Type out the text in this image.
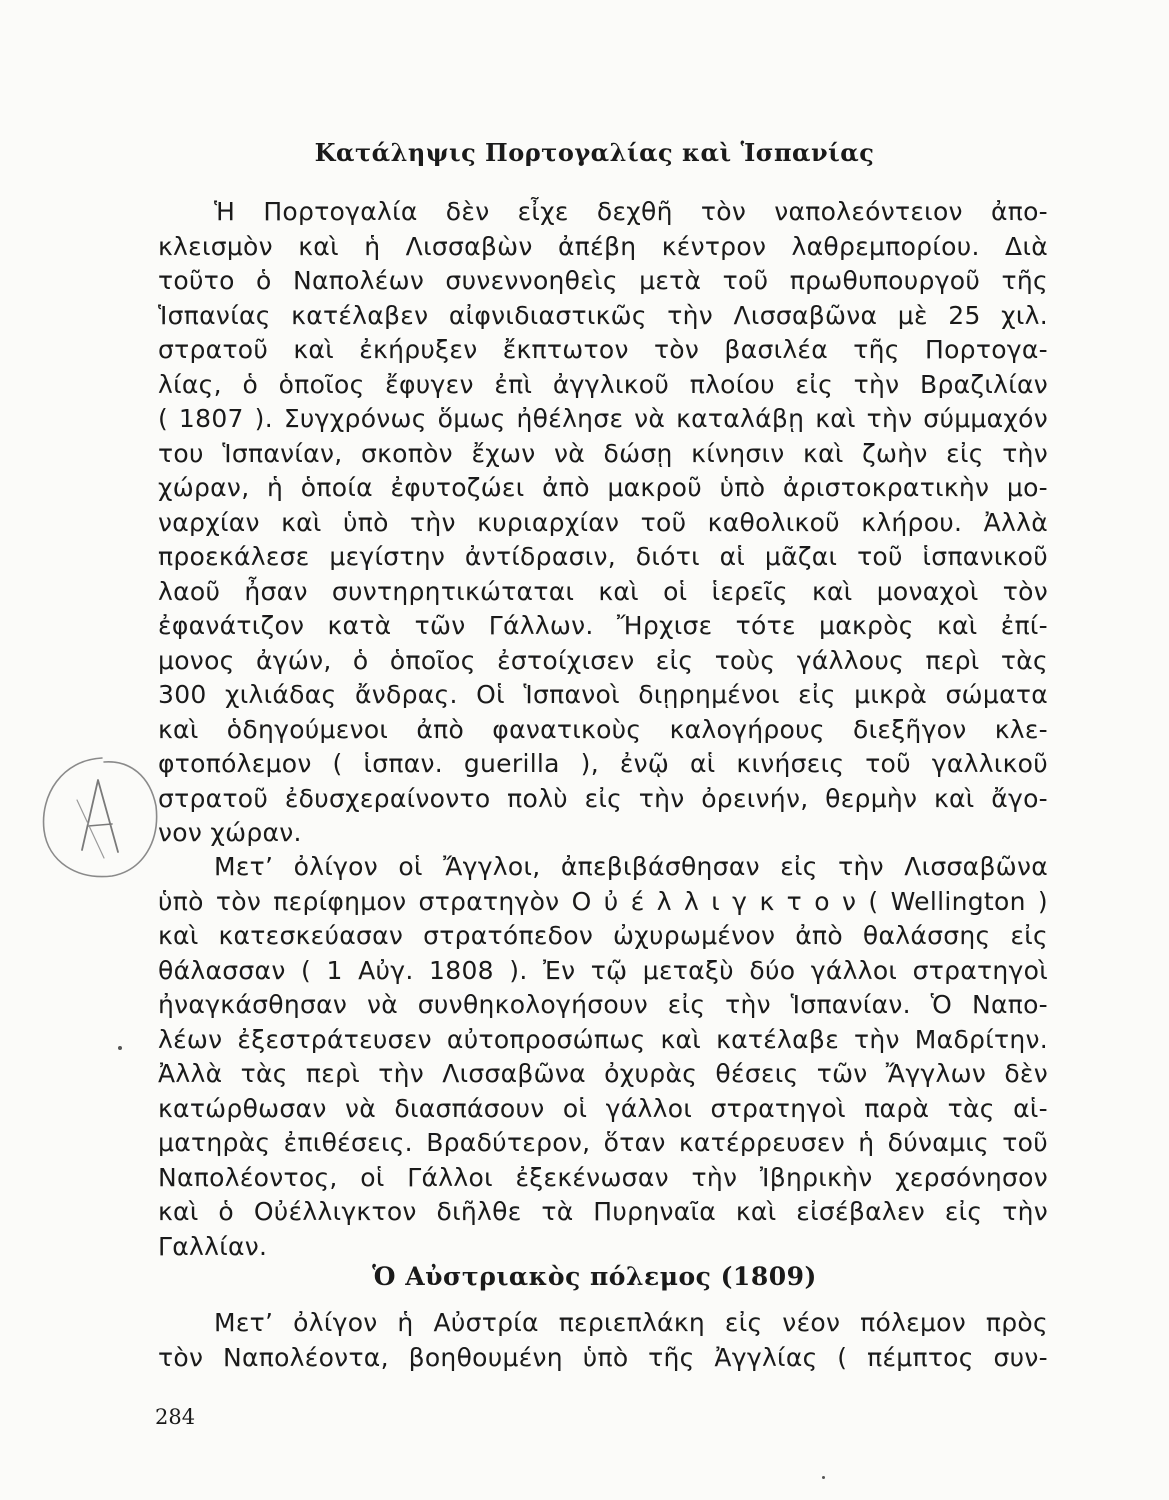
Κατάληψις Πορτογαλίας καὶ Ἱσπανίας
Ἡ Πορτογαλία δὲν εἶχε δεχθῆ τὸν ναπολεόντειον ἀπο-
κλεισμὸν καὶ ἡ Λισσαβὼν ἀπέβη κέντρον λαθρεμπορίου. Διὰ
τοῦτο ὁ Ναπολέων συνεννοηθεὶς μετὰ τοῦ πρωθυπουργοῦ τῆς
Ἱσπανίας κατέλαβεν αἰφνιδιαστικῶς τὴν Λισσαβῶνα μὲ 25 χιλ.
στρατοῦ καὶ ἐκήρυξεν ἔκπτωτον τὸν βασιλέα τῆς Πορτογα-
λίας, ὁ ὁποῖος ἔφυγεν ἐπὶ ἀγγλικοῦ πλοίου εἰς τὴν Βραζιλίαν
( 1807 ). Συγχρόνως ὅμως ἠθέλησε νὰ καταλάβῃ καὶ τὴν σύμμαχόν
του Ἱσπανίαν, σκοπὸν ἔχων νὰ δώσῃ κίνησιν καὶ ζωὴν εἰς τὴν
χώραν, ἡ ὁποία ἐφυτοζώει ἀπὸ μακροῦ ὑπὸ ἀριστοκρατικὴν μο-
ναρχίαν καὶ ὑπὸ τὴν κυριαρχίαν τοῦ καθολικοῦ κλήρου. Ἀλλὰ
προεκάλεσε μεγίστην ἀντίδρασιν, διότι αἱ μᾶζαι τοῦ ἱσπανικοῦ
λαοῦ ἦσαν συντηρητικώταται καὶ οἱ ἱερεῖς καὶ μοναχοὶ τὸν
ἐφανάτιζον κατὰ τῶν Γάλλων. Ἤρχισε τότε μακρὸς καὶ ἐπί-
μονος ἀγών, ὁ ὁποῖος ἐστοίχισεν εἰς τοὺς γάλλους περὶ τὰς
300 χιλιάδας ἄνδρας. Οἱ Ἱσπανοὶ διῃρημένοι εἰς μικρὰ σώματα
καὶ ὁδηγούμενοι ἀπὸ φανατικοὺς καλογήρους διεξῆγον κλε-
φτοπόλεμον ( ἱσπαν. guerilla ), ἐνῷ αἱ κινήσεις τοῦ γαλλικοῦ
στρατοῦ ἐδυσχεραίνοντο πολὺ εἰς τὴν ὀρεινήν, θερμὴν καὶ ἄγο-
νον χώραν.
Μετ’ ὀλίγον οἱ Ἄγγλοι, ἀπεβιβάσθησαν εἰς τὴν Λισσαβῶνα
ὑπὸ τὸν περίφημον στρατηγὸν Ο ὐ έ λ λ ι γ κ τ ο ν ( Wellington )
καὶ κατεσκεύασαν στρατόπεδον ὠχυρωμένον ἀπὸ θαλάσσης εἰς
θάλασσαν ( 1 Αὐγ. 1808 ). Ἐν τῷ μεταξὺ δύο γάλλοι στρατηγοὶ
ἠναγκάσθησαν νὰ συνθηκολογήσουν εἰς τὴν Ἱσπανίαν. Ὁ Ναπο-
λέων ἐξεστράτευσεν αὐτοπροσώπως καὶ κατέλαβε τὴν Μαδρίτην.
Ἀλλὰ τὰς περὶ τὴν Λισσαβῶνα ὀχυρὰς θέσεις τῶν Ἄγγλων δὲν
κατώρθωσαν νὰ διασπάσουν οἱ γάλλοι στρατηγοὶ παρὰ τὰς αἱ-
ματηρὰς ἐπιθέσεις. Βραδύτερον, ὅταν κατέρρευσεν ἡ δύναμις τοῦ
Ναπολέοντος, οἱ Γάλλοι ἐξεκένωσαν τὴν Ἰβηρικὴν χερσόνησον
καὶ ὁ Οὐέλλιγκτον διῆλθε τὰ Πυρηναῖα καὶ εἰσέβαλεν εἰς τὴν
Γαλλίαν.
Ὁ Αὐστριακὸς πόλεμος (1809)
Μετ’ ὀλίγον ἡ Αὐστρία περιεπλάκη εἰς νέον πόλεμον πρὸς
τὸν Ναπολέοντα, βοηθουμένη ὑπὸ τῆς Ἀγγλίας ( πέμπτος συν-
284
